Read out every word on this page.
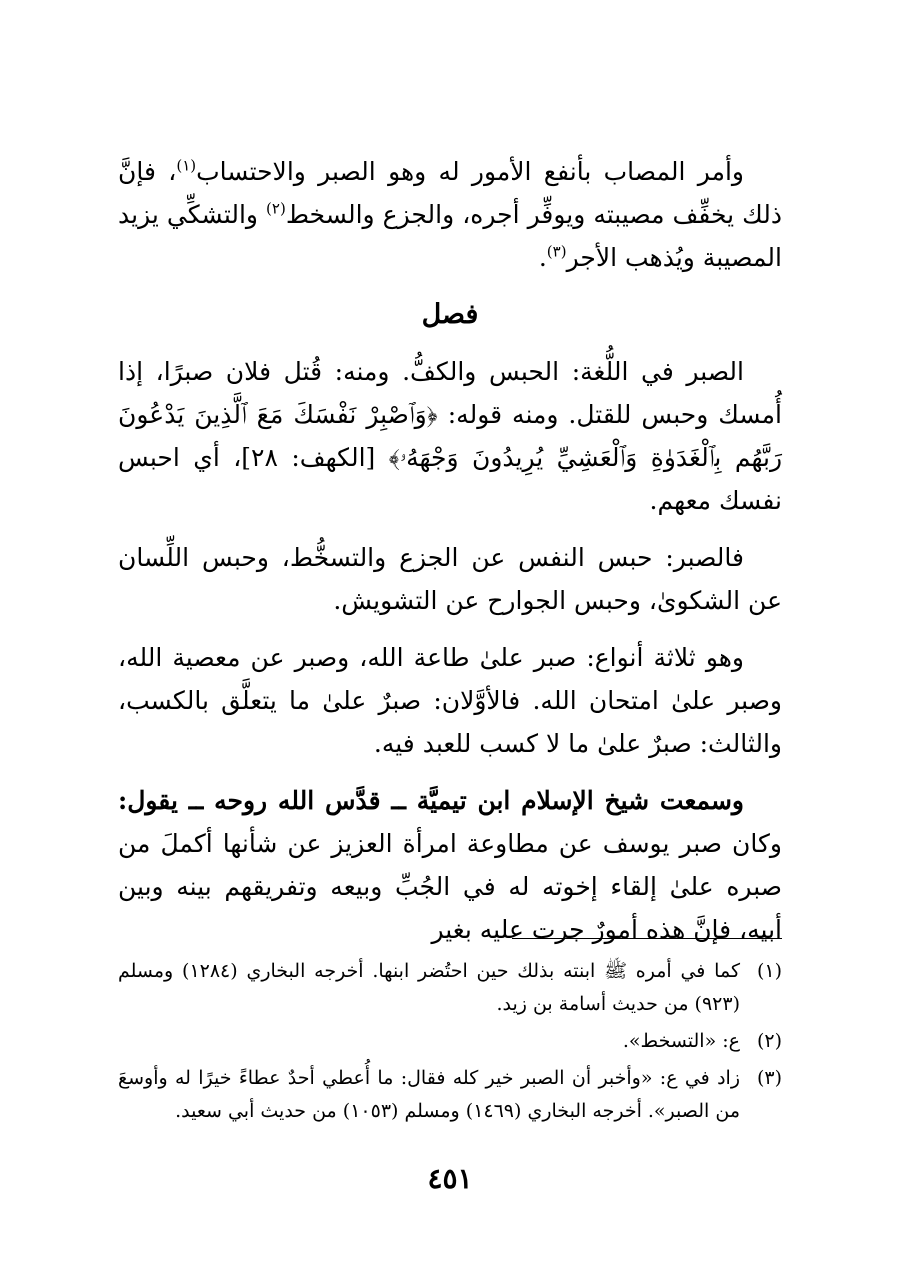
وأمر المصاب بأنفع الأمور له وهو الصبر والاحتساب$^{(١)}$، فإنَّ ذلك يخفِّف مصيبته ويوفِّر أجره، والجزع والسخط$^{(٢)}$ والتشكِّي يزيد المصيبة ويُذهب الأجر$^{(٣)}$.

فصل

الصبر في اللُّغة: الحبس والكفُّ. ومنه: قُتل فلان صبرًا، إذا أُمسك وحبس للقتل. ومنه قوله: ﴿وَٱصْبِرْ نَفْسَكَ مَعَ ٱلَّذِينَ يَدْعُونَ رَبَّهُم بِٱلْغَدَوٰةِ وَٱلْعَشِيِّ يُرِيدُونَ وَجْهَهُۥ﴾ [الكهف: ٢٨]، أي احبس نفسك معهم.

فالصبر: حبس النفس عن الجزع والتسخُّط، وحبس اللِّسان عن الشكوىٰ، وحبس الجوارح عن التشويش.

وهو ثلاثة أنواع: صبر علىٰ طاعة الله، وصبر عن معصية الله، وصبر علىٰ امتحان الله. فالأوَّلان: صبرٌ علىٰ ما يتعلَّق بالكسب، والثالث: صبرٌ علىٰ ما لا كسب للعبد فيه.

وسمعت شيخ الإسلام ابن تيميَّة ــ قدَّس الله روحه ــ يقول: وكان صبر يوسف عن مطاوعة امرأة العزيز عن شأنها أكملَ من صبره علىٰ إلقاء إخوته له في الجُبِّ وبيعه وتفريقهم بينه وبين أبيه، فإنَّ هذه أمورٌ جرت عليه بغير

(١)
كما في أمره ﷺ ابنته بذلك حين احتُضر ابنها. أخرجه البخاري (١٢٨٤) ومسلم (٩٢٣) من حديث أسامة بن زيد.
(٢)
ع: «التسخط».
(٣)
زاد في ع: «وأخبر أن الصبر خير كله فقال: ما أُعطي أحدٌ عطاءً خيرًا له وأوسعَ من الصبر». أخرجه البخاري (١٤٦٩) ومسلم (١٠٥٣) من حديث أبي سعيد.
٤٥١
